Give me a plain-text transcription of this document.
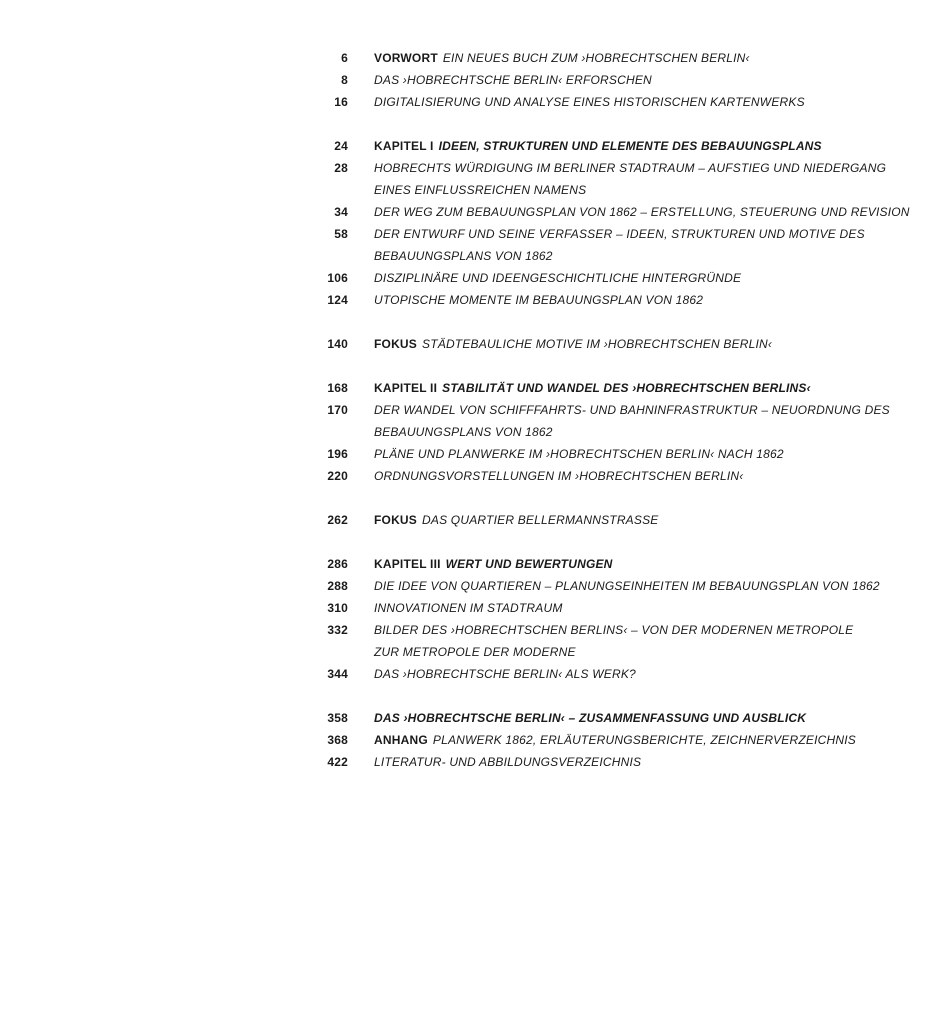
6 VORWORT EIN NEUES BUCH ZUM ›HOBRECHTSCHEN BERLIN‹
8 DAS ›HOBRECHTSCHE BERLIN‹ ERFORSCHEN
16 DIGITALISIERUNG UND ANALYSE EINES HISTORISCHEN KARTENWERKS
24 KAPITEL I IDEEN, STRUKTUREN UND ELEMENTE DES BEBAUUNGSPLANS
28 HOBRECHTS WÜRDIGUNG IM BERLINER STADTRAUM – AUFSTIEG UND NIEDERGANG
EINES EINFLUSSREICHEN NAMENS
34 DER WEG ZUM BEBAUUNGSPLAN VON 1862 – ERSTELLUNG, STEUERUNG UND REVISION
58 DER ENTWURF UND SEINE VERFASSER – IDEEN, STRUKTUREN UND MOTIVE DES
BEBAUUNGSPLANS VON 1862
106 DISZIPLINÄRE UND IDEENGESCHICHTLICHE HINTERGRÜNDE
124 UTOPISCHE MOMENTE IM BEBAUUNGSPLAN VON 1862
140 FOKUS STÄDTEBAULICHE MOTIVE IM ›HOBRECHTSCHEN BERLIN‹
168 KAPITEL II STABILITÄT UND WANDEL DES ›HOBRECHTSCHEN BERLINS‹
170 DER WANDEL VON SCHIFFFAHRTS- UND BAHNINFRASTRUKTUR – NEUORDNUNG DES
BEBAUUNGSPLANS VON 1862
196 PLÄNE UND PLANWERKE IM ›HOBRECHTSCHEN BERLIN‹ NACH 1862
220 ORDNUNGSVORSTELLUNGEN IM ›HOBRECHTSCHEN BERLIN‹
262 FOKUS DAS QUARTIER BELLERMANNSTRASSE
286 KAPITEL III WERT UND BEWERTUNGEN
288 DIE IDEE VON QUARTIEREN – PLANUNGSEINHEITEN IM BEBAUUNGSPLAN VON 1862
310 INNOVATIONEN IM STADTRAUM
332 BILDER DES ›HOBRECHTSCHEN BERLINS‹ – VON DER MODERNEN METROPOLE
ZUR METROPOLE DER MODERNE
344 DAS ›HOBRECHTSCHE BERLIN‹ ALS WERK?
358 DAS ›HOBRECHTSCHE BERLIN‹ – ZUSAMMENFASSUNG UND AUSBLICK
368 ANHANG PLANWERK 1862, ERLÄUTERUNGSBERICHTE, ZEICHNERVERZEICHNIS
422 LITERATUR- UND ABBILDUNGSVERZEICHNIS
